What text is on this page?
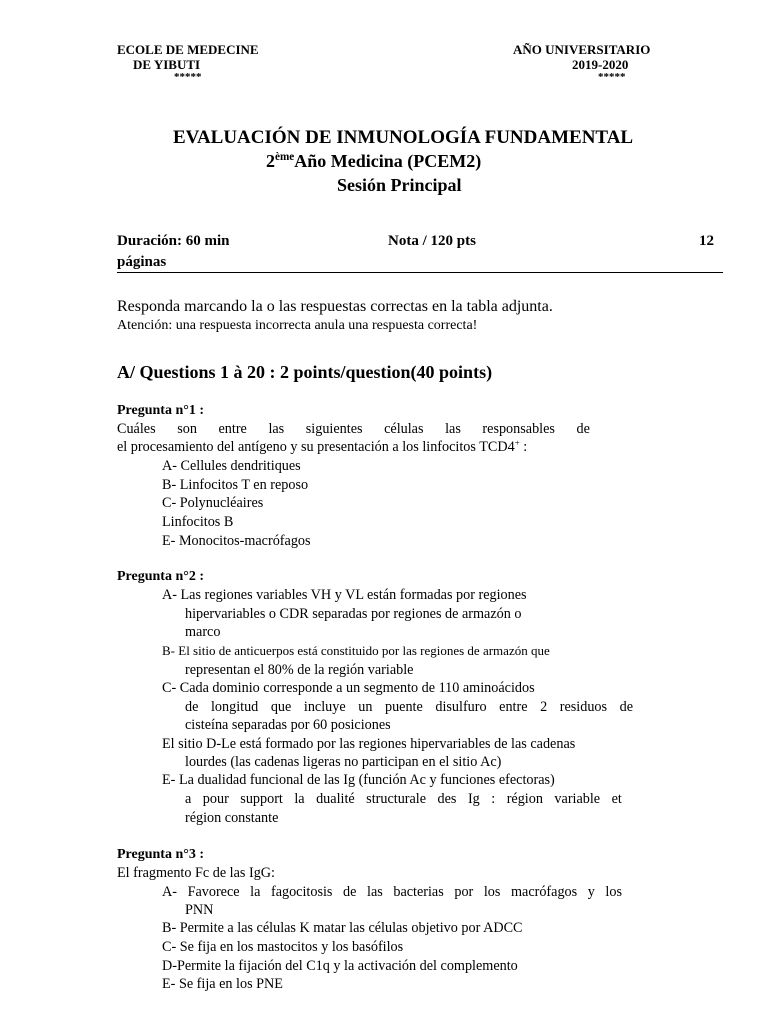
ECOLE DE MEDECINE
DE YIBUTI
*****
AÑO UNIVERSITARIO
2019-2020
*****
EVALUACIÓN DE INMUNOLOGÍA FUNDAMENTAL
2èmeAño Medicina (PCEM2)
Sesión Principal
Duración: 60 min	Nota / 120 pts	12
páginas
Responda marcando la o las respuestas correctas en la tabla adjunta.
Atención: una respuesta incorrecta anula una respuesta correcta!
A/ Questions 1 à 20 : 2 points/question(40 points)
Pregunta n°1 :
Cuáles son entre las siguientes células las responsables de
el procesamiento del antígeno y su presentación a los linfocitos TCD4+ :
A- Cellules dendritiques
B- Linfocitos T en reposo
C- Polynucléaires
Linfocitos B
E- Monocitos-macrófagos
Pregunta n°2 :
A- Las regiones variables VH y VL están formadas por regiones
hipervariables o CDR separadas por regiones de armazón o
marco
B- El sitio de anticuerpos está constituido por las regiones de armazón que
representan el 80% de la región variable
C- Cada dominio corresponde a un segmento de 110 aminoácidos
de longitud que incluye un puente disulfuro entre 2 residuos de
cisteína separadas por 60 posiciones
El sitio D-Le está formado por las regiones hipervariables de las cadenas
lourdes (las cadenas ligeras no participan en el sitio Ac)
E- La dualidad funcional de las Ig (función Ac y funciones efectoras)
a pour support la dualité structurale des Ig : région variable et
région constante
Pregunta n°3 :
El fragmento Fc de las IgG:
A- Favorece la fagocitosis de las bacterias por los macrófagos y los
PNN
B- Permite a las células K matar las células objetivo por ADCC
C- Se fija en los mastocitos y los basófilos
D-Permite la fijación del C1q y la activación del complemento
E- Se fija en los PNE
